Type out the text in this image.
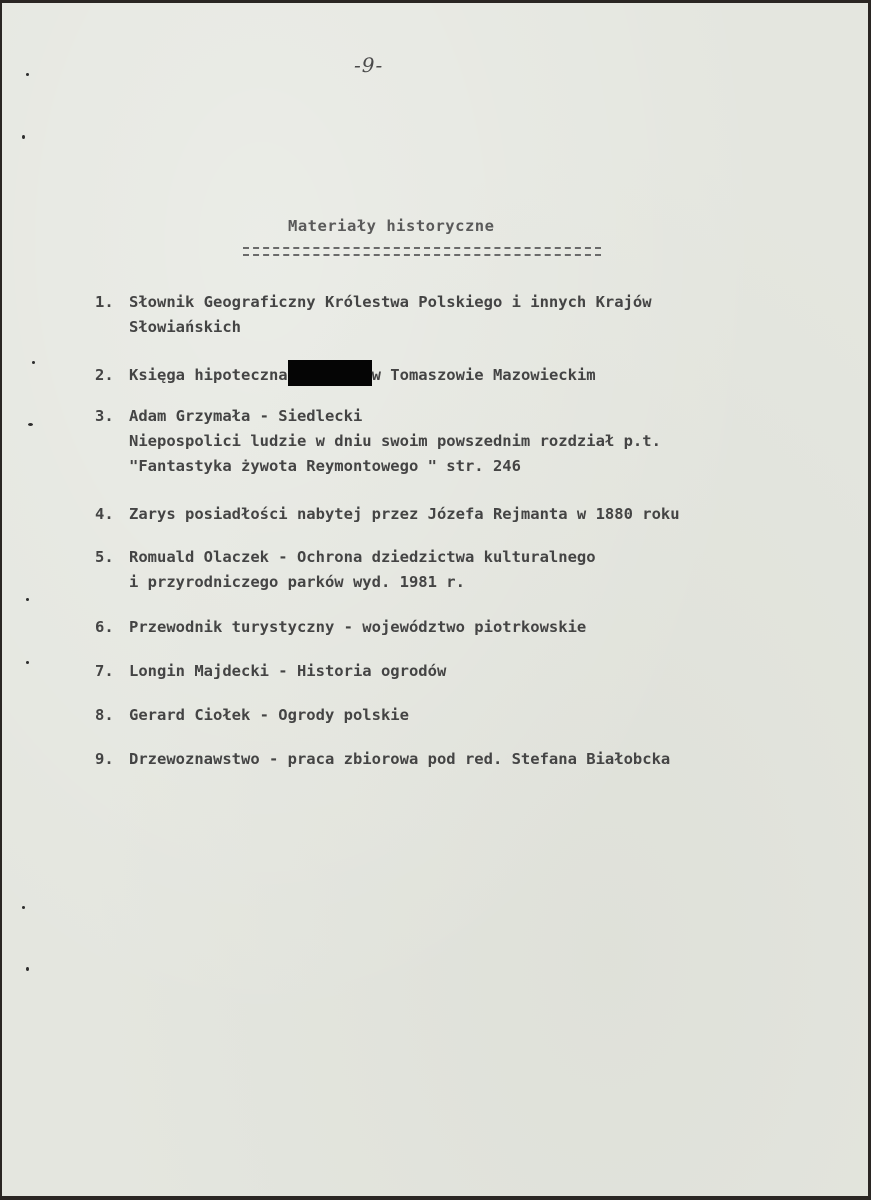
-9-
Materiały historyczne
1. Słownik Geograficzny Królestwa Polskiego i innych Krajów
Słowiańskich
2. Księga hipoteczna	w Tomaszowie Mazowieckim
3. Adam Grzymała - Siedlecki
Niepospolici ludzie w dniu swoim powszednim rozdział p.t.
"Fantastyka żywota Reymontowego " str. 246
4. Zarys posiadłości nabytej przez Józefa Rejmanta w 1880 roku
5. Romuald Olaczek - Ochrona dziedzictwa kulturalnego
i przyrodniczego parków wyd. 1981 r.
6. Przewodnik turystyczny - województwo piotrkowskie
7. Longin Majdecki - Historia ogrodów
8. Gerard Ciołek - Ogrody polskie
9. Drzewoznawstwo - praca zbiorowa pod red. Stefana Białobcka
